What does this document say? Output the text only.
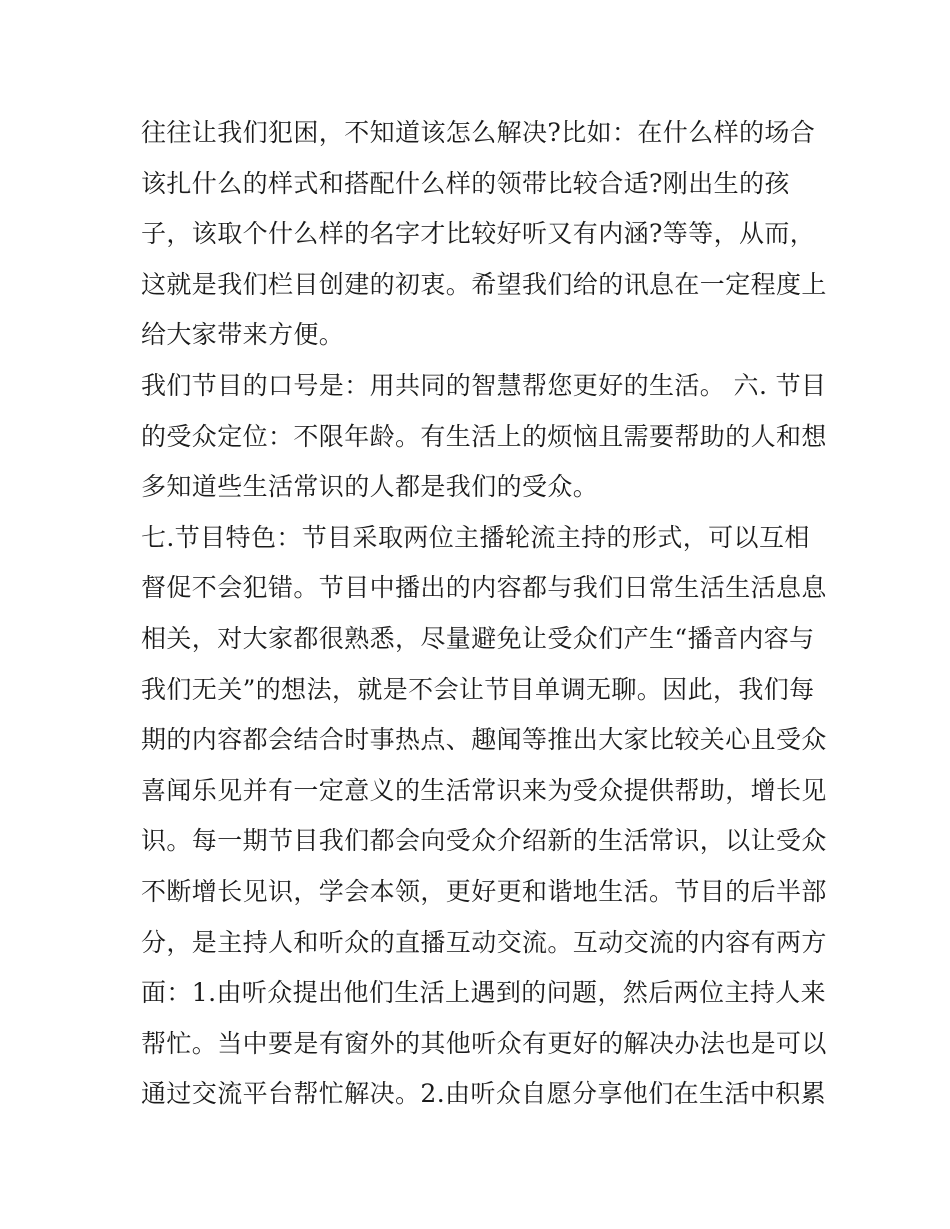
往往让我们犯困，不知道该怎么解决?比如：在什么样的场合
该扎什么的样式和搭配什么样的领带比较合适?刚出生的孩
子，该取个什么样的名字才比较好听又有内涵?等等，从而，
这就是我们栏目创建的初衷。希望我们给的讯息在一定程度上
给大家带来方便。
我们节目的口号是：用共同的智慧帮您更好的生活。 六. 节目
的受众定位：不限年龄。有生活上的烦恼且需要帮助的人和想
多知道些生活常识的人都是我们的受众。
七.节目特色：节目采取两位主播轮流主持的形式，可以互相
督促不会犯错。节目中播出的内容都与我们日常生活生活息息
相关，对大家都很熟悉，尽量避免让受众们产生“播音内容与
我们无关”的想法，就是不会让节目单调无聊。因此，我们每
期的内容都会结合时事热点、趣闻等推出大家比较关心且受众
喜闻乐见并有一定意义的生活常识来为受众提供帮助，增长见
识。每一期节目我们都会向受众介绍新的生活常识，以让受众
不断增长见识，学会本领，更好更和谐地生活。节目的后半部
分，是主持人和听众的直播互动交流。互动交流的内容有两方
面：1.由听众提出他们生活上遇到的问题，然后两位主持人来
帮忙。当中要是有窗外的其他听众有更好的解决办法也是可以
通过交流平台帮忙解决。2.由听众自愿分享他们在生活中积累
